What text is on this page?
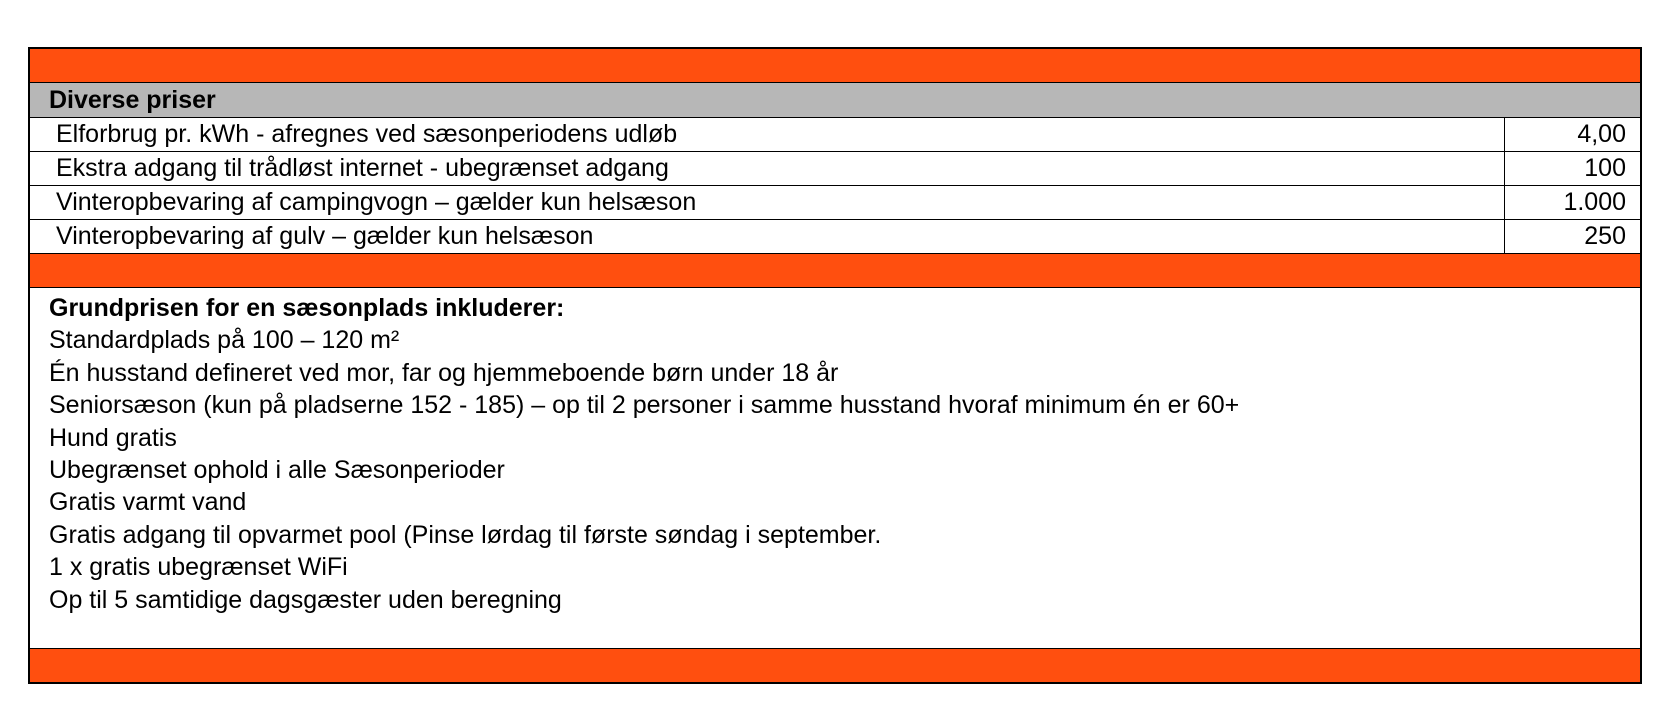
Diverse priser
Elforbrug pr. kWh - afregnes ved sæsonperiodens udløb	4,00
Ekstra adgang til trådløst internet - ubegrænset adgang	100
Vinteropbevaring af campingvogn – gælder kun helsæson	1.000
Vinteropbevaring af gulv – gælder kun helsæson	250
Grundprisen for en sæsonplads inkluderer:
Standardplads på 100 – 120 m²
Én husstand defineret ved mor, far og hjemmeboende børn under 18 år
Seniorsæson (kun på pladserne 152 - 185) – op til 2 personer i samme husstand hvoraf minimum én er 60+
Hund gratis
Ubegrænset ophold i alle Sæsonperioder
Gratis varmt vand
Gratis adgang til opvarmet pool (Pinse lørdag til første søndag i september.
1 x gratis ubegrænset WiFi
Op til 5 samtidige dagsgæster uden beregning
